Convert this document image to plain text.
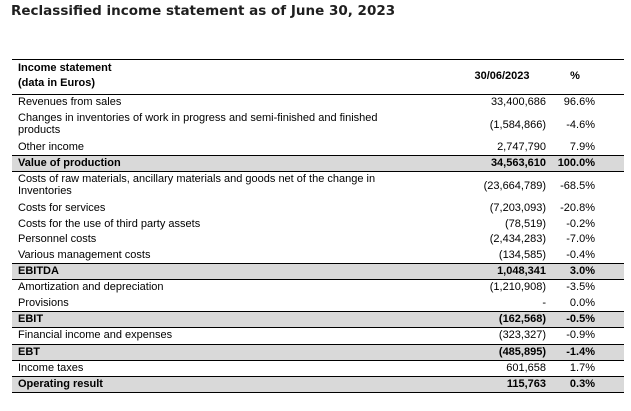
Reclassified income statement as of June 30, 2023
Income statement
(data in Euros)
30/06/2023	%
Revenues from sales	33,400,686 96.6%
Changes in inventories of work in progress and semi-finished and finished products	(1,584,866) -4.6%
Other income	2,747,790 7.9%
Value of production	34,563,610 100.0%
Costs of raw materials, ancillary materials and goods net of the change in Inventories	(23,664,789) -68.5%
Costs for services	(7,203,093) -20.8%
Costs for the use of third party assets	(78,519) -0.2%
Personnel costs	(2,434,283) -7.0%
Various management costs	(134,585) -0.4%
EBITDA	1,048,341 3.0%
Amortization and depreciation	(1,210,908) -3.5%
Provisions	- 0.0%
EBIT	(162,568) -0.5%
Financial income and expenses	(323,327) -0.9%
EBT	(485,895) -1.4%
Income taxes	601,658 1.7%
Operating result	115,763 0.3%
